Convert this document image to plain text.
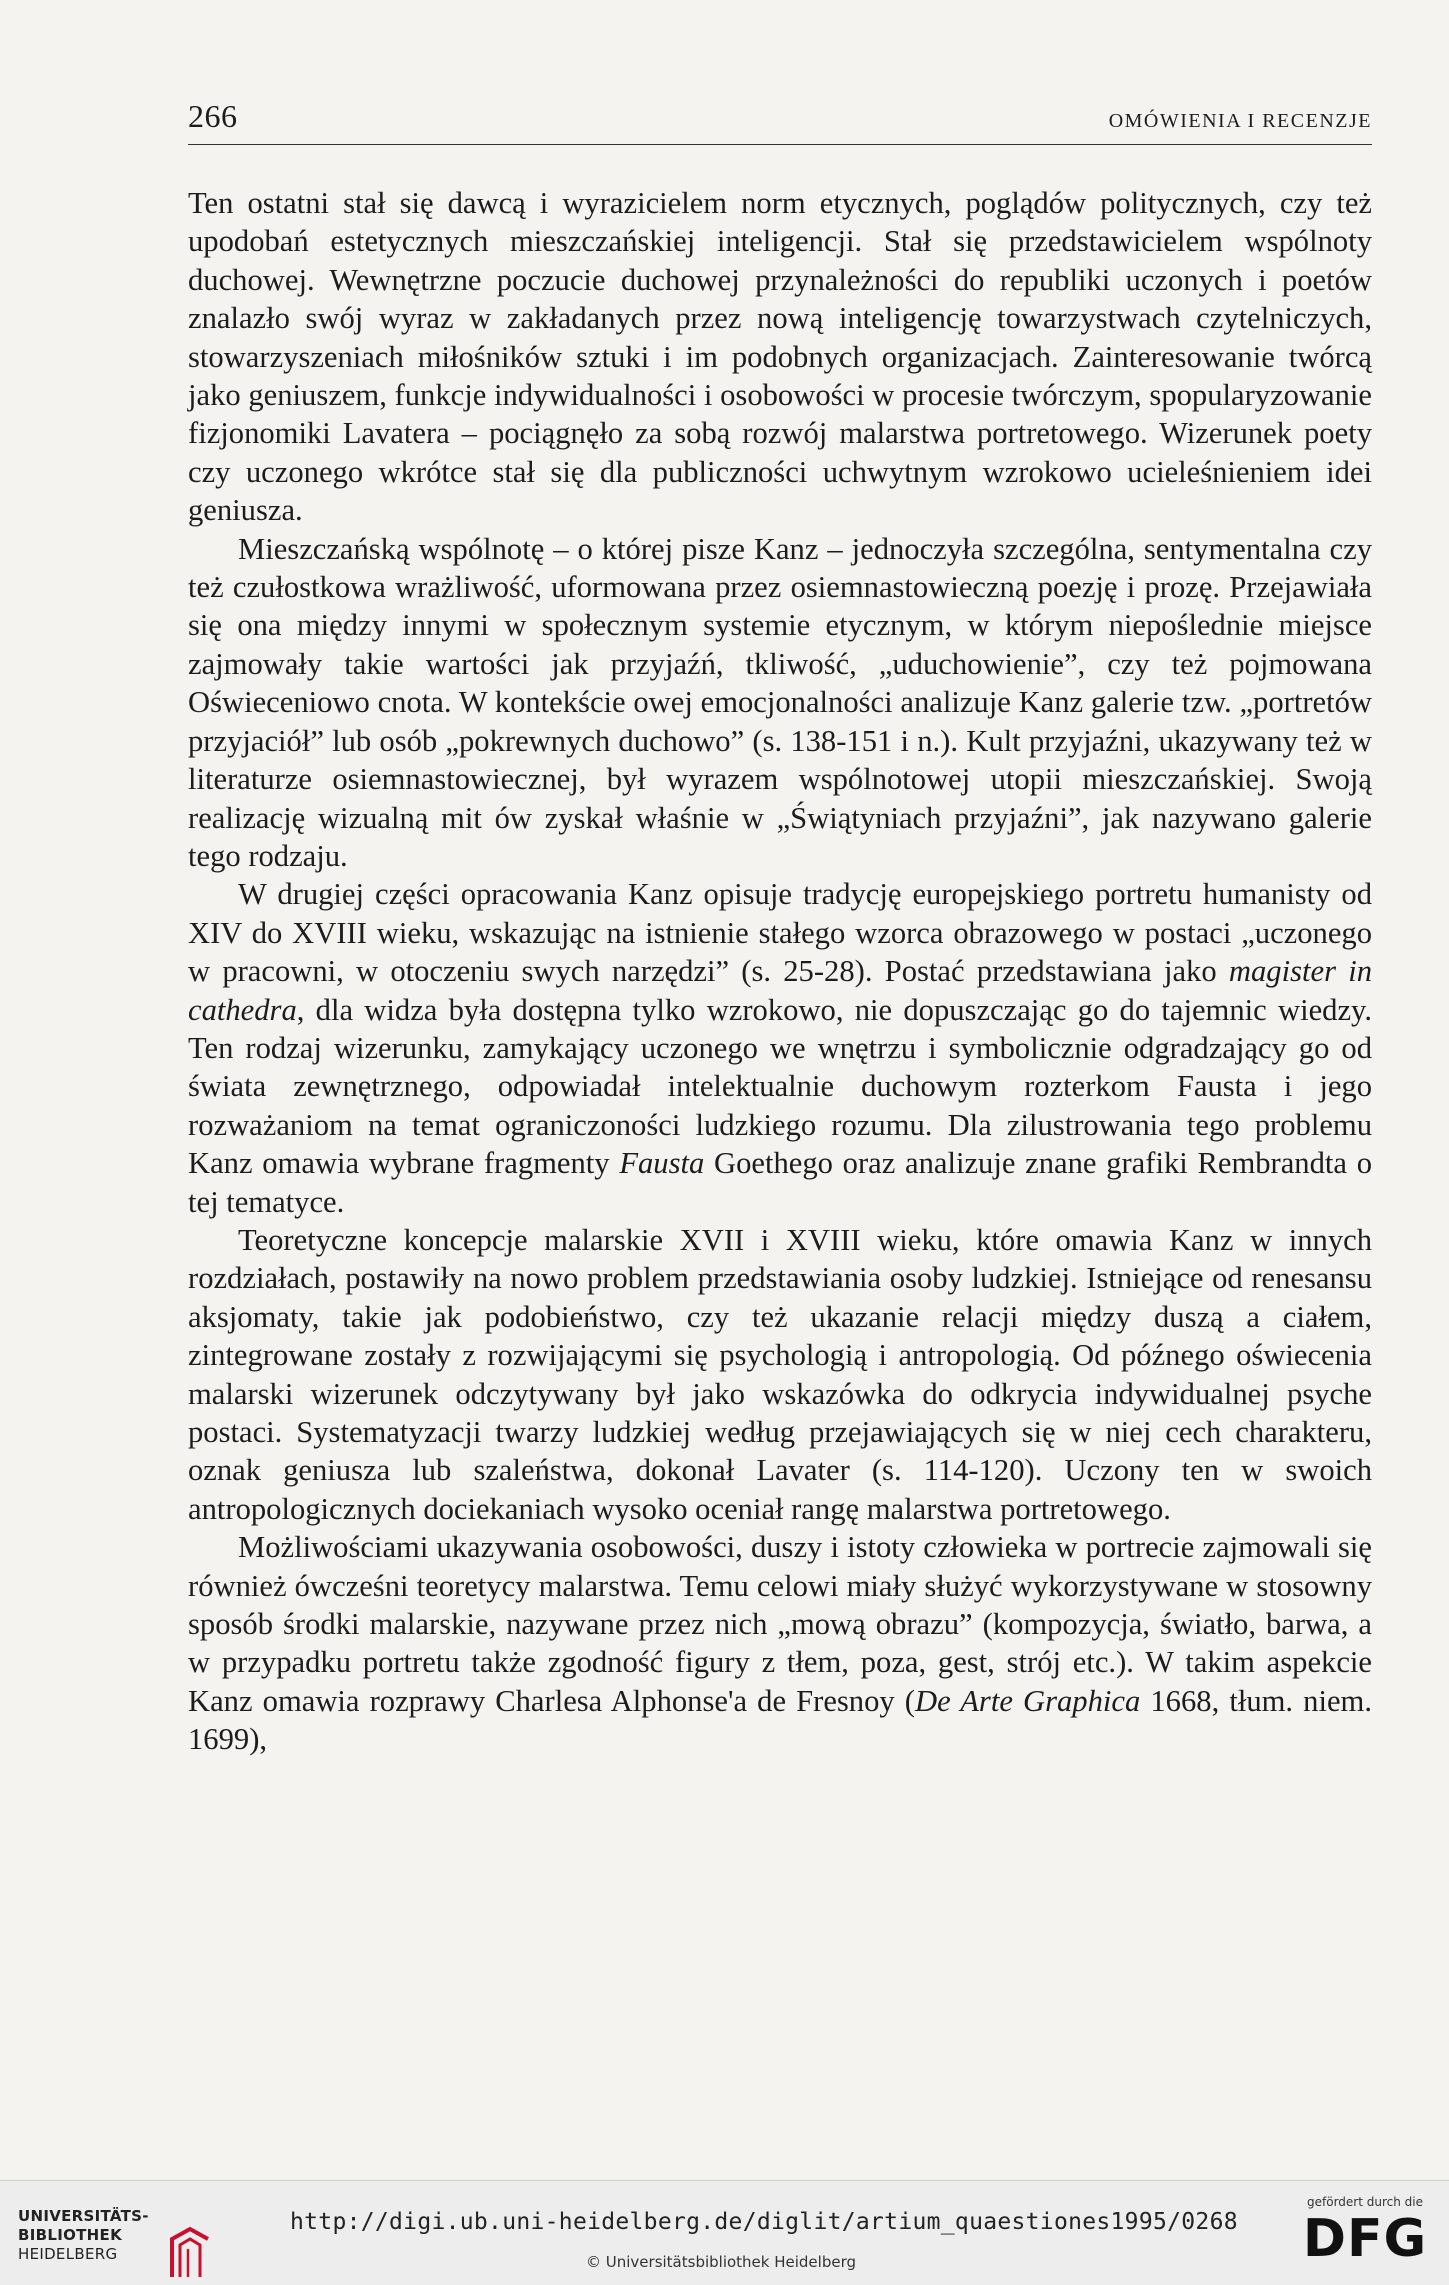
266	OMÓWIENIA I RECENZJE

Ten ostatni stał się dawcą i wyrazicielem norm etycznych, poglądów politycznych, czy też upodobań estetycznych mieszczańskiej inteligencji. Stał się przedstawicielem wspólnoty duchowej. Wewnętrzne poczucie duchowej przynależności do republiki uczonych i poetów znalazło swój wyraz w zakładanych przez nową inteligencję towarzystwach czytelniczych, stowarzyszeniach miłośników sztuki i im podobnych organizacjach. Zainteresowanie twórcą jako geniuszem, funkcje indywidualności i osobowości w procesie twórczym, spopularyzowanie fizjonomiki Lavatera – pociągnęło za sobą rozwój malarstwa portretowego. Wizerunek poety czy uczonego wkrótce stał się dla publiczności uchwytnym wzrokowo ucieleśnieniem idei geniusza.

Mieszczańską wspólnotę – o której pisze Kanz – jednoczyła szczególna, sentymentalna czy też czułostkowa wrażliwość, uformowana przez osiemnastowieczną poezję i prozę. Przejawiała się ona między innymi w społecznym systemie etycznym, w którym niepoślednie miejsce zajmowały takie wartości jak przyjaźń, tkliwość, „uduchowienie”, czy też pojmowana Oświeceniowo cnota. W kontekście owej emocjonalności analizuje Kanz galerie tzw. „portretów przyjaciół” lub osób „pokrewnych duchowo” (s. 138-151 i n.). Kult przyjaźni, ukazywany też w literaturze osiemnastowiecznej, był wyrazem wspólnotowej utopii mieszczańskiej. Swoją realizację wizualną mit ów zyskał właśnie w „Świątyniach przyjaźni”, jak nazywano galerie tego rodzaju.

W drugiej części opracowania Kanz opisuje tradycję europejskiego portretu humanisty od XIV do XVIII wieku, wskazując na istnienie stałego wzorca obrazowego w postaci „uczonego w pracowni, w otoczeniu swych narzędzi” (s. 25-28). Postać przedstawiana jako magister in cathedra, dla widza była dostępna tylko wzrokowo, nie dopuszczając go do tajemnic wiedzy. Ten rodzaj wizerunku, zamykający uczonego we wnętrzu i symbolicznie odgradzający go od świata zewnętrznego, odpowiadał intelektualnie duchowym rozterkom Fausta i jego rozważaniom na temat ograniczoności ludzkiego rozumu. Dla zilustrowania tego problemu Kanz omawia wybrane fragmenty Fausta Goethego oraz analizuje znane grafiki Rembrandta o tej tematyce.

Teoretyczne koncepcje malarskie XVII i XVIII wieku, które omawia Kanz w innych rozdziałach, postawiły na nowo problem przedstawiania osoby ludzkiej. Istniejące od renesansu aksjomaty, takie jak podobieństwo, czy też ukazanie relacji między duszą a ciałem, zintegrowane zostały z rozwijającymi się psychologią i antropologią. Od późnego oświecenia malarski wizerunek odczytywany był jako wskazówka do odkrycia indywidualnej psyche postaci. Systematyzacji twarzy ludzkiej według przejawiających się w niej cech charakteru, oznak geniusza lub szaleństwa, dokonał Lavater (s. 114-120). Uczony ten w swoich antropologicznych dociekaniach wysoko oceniał rangę malarstwa portretowego.

Możliwościami ukazywania osobowości, duszy i istoty człowieka w portrecie zajmowali się również ówcześni teoretycy malarstwa. Temu celowi miały służyć wykorzystywane w stosowny sposób środki malarskie, nazywane przez nich „mową obrazu” (kompozycja, światło, barwa, a w przypadku portretu także zgodność figury z tłem, poza, gest, strój etc.). W takim aspekcie Kanz omawia rozprawy Charlesa Alphonse'a de Fresnoy (De Arte Graphica 1668, tłum. niem. 1699),

UNIVERSITÄTS-
BIBLIOTHEK
HEIDELBERG
http://digi.ub.uni-heidelberg.de/diglit/artium_quaestiones1995/0268
© Universitätsbibliothek Heidelberg
gefördert durch die
DFG
